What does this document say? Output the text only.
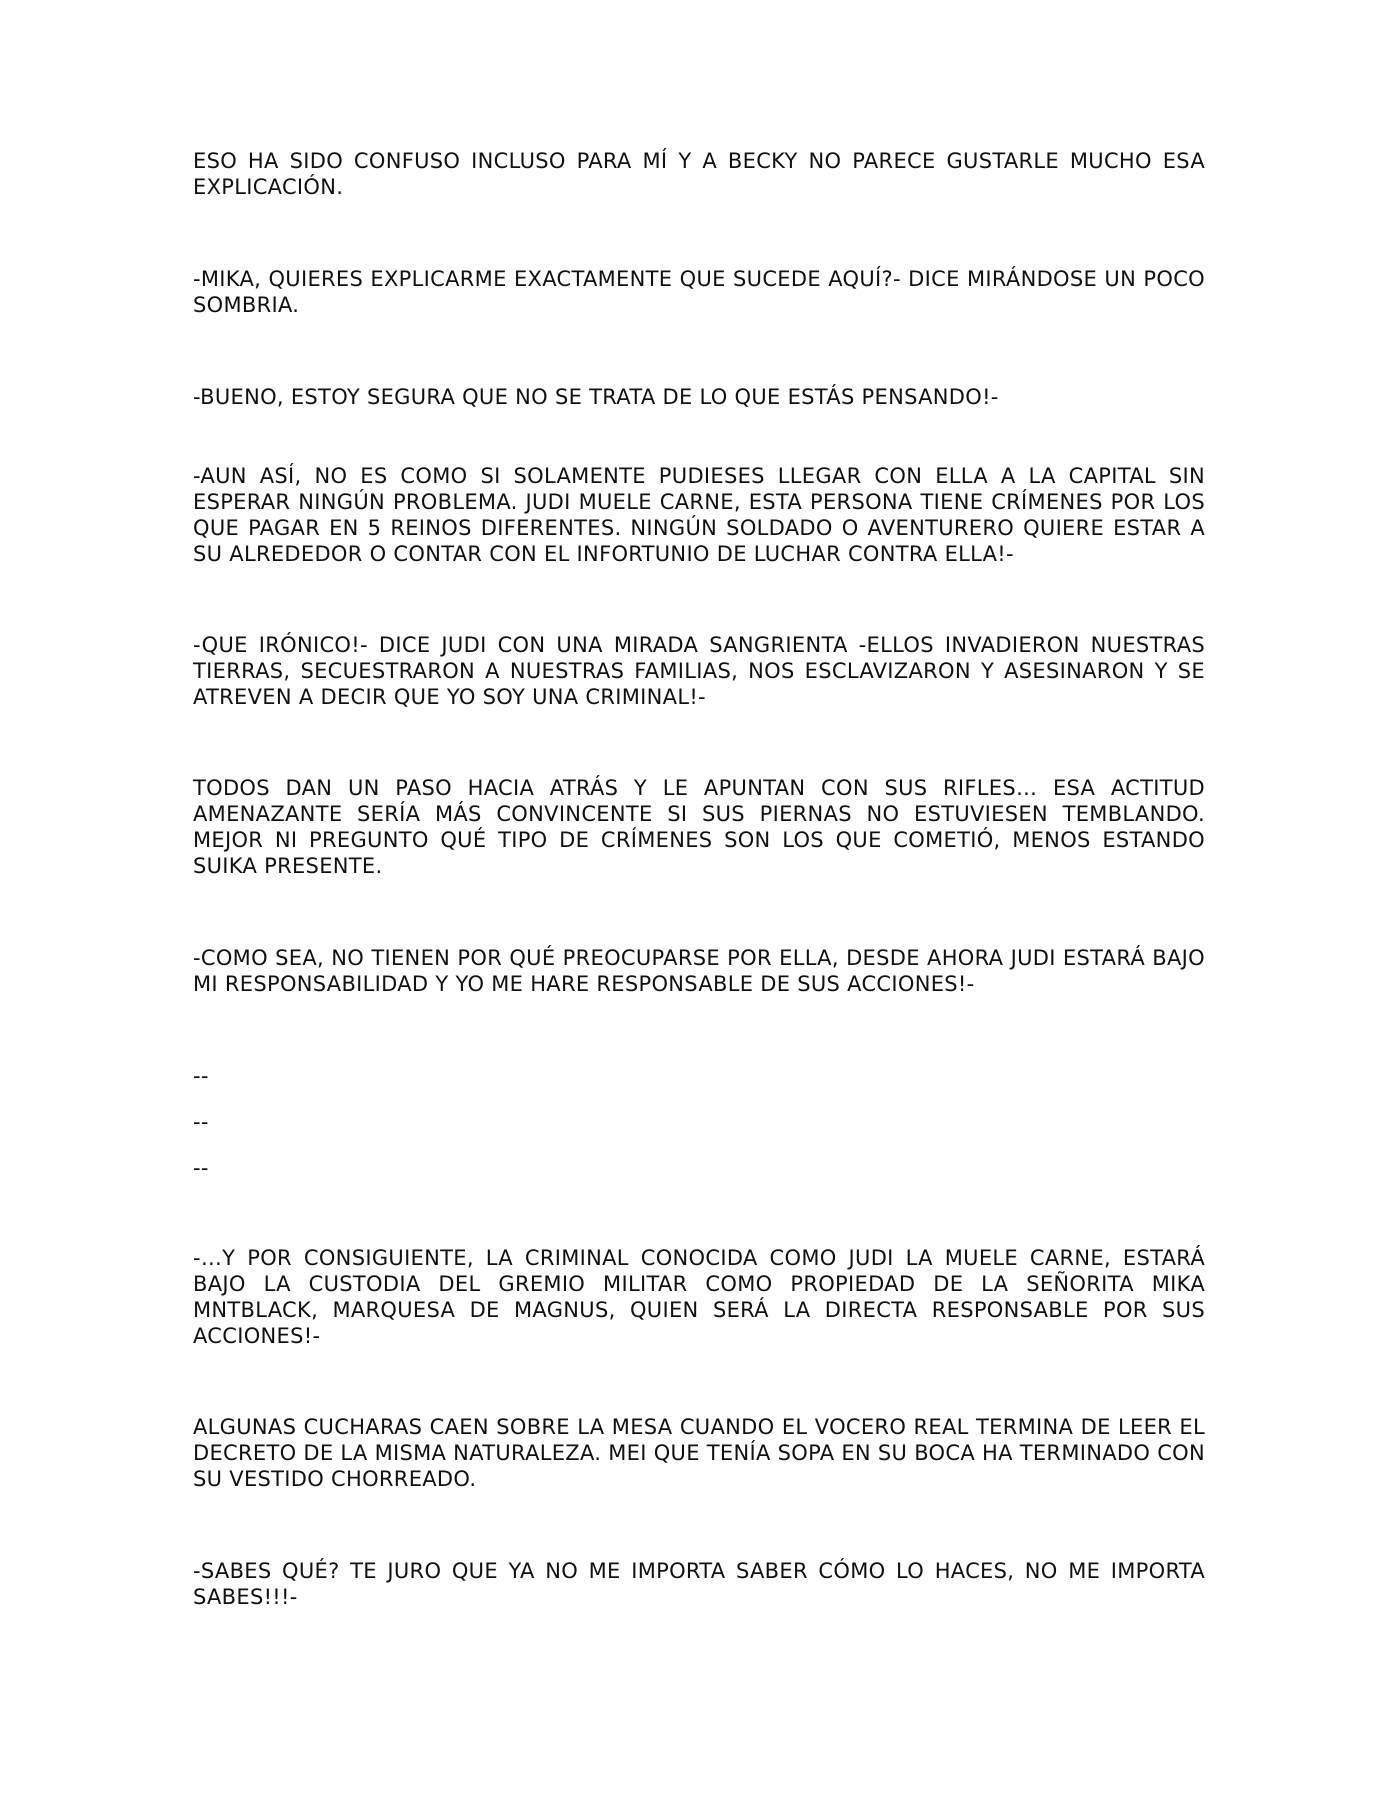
ESO HA SIDO CONFUSO INCLUSO PARA MÍ Y A BECKY NO PARECE GUSTARLE MUCHO ESA EXPLICACIÓN.

-MIKA, QUIERES EXPLICARME EXACTAMENTE QUE SUCEDE AQUÍ?- DICE MIRÁNDOSE UN POCO SOMBRIA.

-BUENO, ESTOY SEGURA QUE NO SE TRATA DE LO QUE ESTÁS PENSANDO!-

-AUN ASÍ, NO ES COMO SI SOLAMENTE PUDIESES LLEGAR CON ELLA A LA CAPITAL SIN ESPERAR NINGÚN PROBLEMA. JUDI MUELE CARNE, ESTA PERSONA TIENE CRÍMENES POR LOS QUE PAGAR EN 5 REINOS DIFERENTES. NINGÚN SOLDADO O AVENTURERO QUIERE ESTAR A SU ALREDEDOR O CONTAR CON EL INFORTUNIO DE LUCHAR CONTRA ELLA!-

-QUE IRÓNICO!- DICE JUDI CON UNA MIRADA SANGRIENTA -ELLOS INVADIERON NUESTRAS TIERRAS, SECUESTRARON A NUESTRAS FAMILIAS, NOS ESCLAVIZARON Y ASESINARON Y SE ATREVEN A DECIR QUE YO SOY UNA CRIMINAL!-

TODOS DAN UN PASO HACIA ATRÁS Y LE APUNTAN CON SUS RIFLES… ESA ACTITUD AMENAZANTE SERÍA MÁS CONVINCENTE SI SUS PIERNAS NO ESTUVIESEN TEMBLANDO. MEJOR NI PREGUNTO QUÉ TIPO DE CRÍMENES SON LOS QUE COMETIÓ, MENOS ESTANDO SUIKA PRESENTE.

-COMO SEA, NO TIENEN POR QUÉ PREOCUPARSE POR ELLA, DESDE AHORA JUDI ESTARÁ BAJO MI RESPONSABILIDAD Y YO ME HARE RESPONSABLE DE SUS ACCIONES!-

--

--

--

-…Y POR CONSIGUIENTE, LA CRIMINAL CONOCIDA COMO JUDI LA MUELE CARNE, ESTARÁ BAJO LA CUSTODIA DEL GREMIO MILITAR COMO PROPIEDAD DE LA SEÑORITA MIKA MNTBLACK, MARQUESA DE MAGNUS, QUIEN SERÁ LA DIRECTA RESPONSABLE POR SUS ACCIONES!-

ALGUNAS CUCHARAS CAEN SOBRE LA MESA CUANDO EL VOCERO REAL TERMINA DE LEER EL DECRETO DE LA MISMA NATURALEZA. MEI QUE TENÍA SOPA EN SU BOCA HA TERMINADO CON SU VESTIDO CHORREADO.

-SABES QUÉ? TE JURO QUE YA NO ME IMPORTA SABER CÓMO LO HACES, NO ME IMPORTA SABES!!!-
